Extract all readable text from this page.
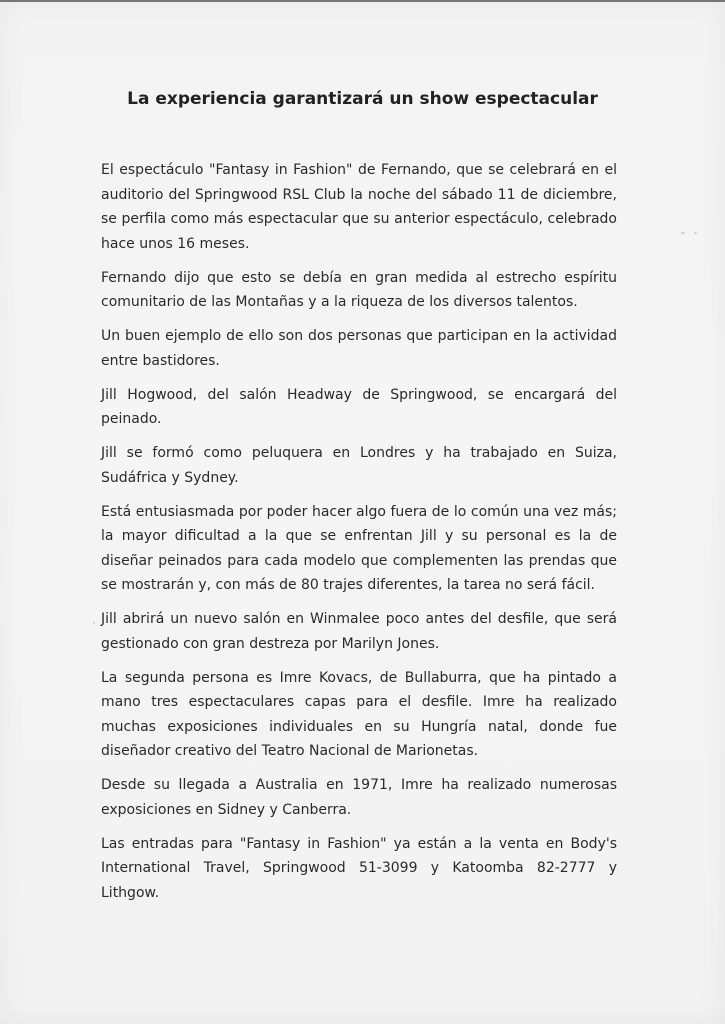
La experiencia garantizará un show espectacular

El espectáculo "Fantasy in Fashion" de Fernando, que se celebrará en el auditorio del Springwood RSL Club la noche del sábado 11 de diciembre, se perfila como más espectacular que su anterior espectáculo, celebrado hace unos 16 meses.

Fernando dijo que esto se debía en gran medida al estrecho espíritu comunitario de las Montañas y a la riqueza de los diversos talentos.

Un buen ejemplo de ello son dos personas que participan en la actividad entre bastidores.

Jill Hogwood, del salón Headway de Springwood, se encargará del peinado.

Jill se formó como peluquera en Londres y ha trabajado en Suiza, Sudáfrica y Sydney.

Está entusiasmada por poder hacer algo fuera de lo común una vez más; la mayor dificultad a la que se enfrentan Jill y su personal es la de diseñar peinados para cada modelo que complementen las prendas que se mostrarán y, con más de 80 trajes diferentes, la tarea no será fácil.

Jill abrirá un nuevo salón en Winmalee poco antes del desfile, que será gestionado con gran destreza por Marilyn Jones.

La segunda persona es Imre Kovacs, de Bullaburra, que ha pintado a mano tres espectaculares capas para el desfile. Imre ha realizado muchas exposiciones individuales en su Hungría natal, donde fue diseñador creativo del Teatro Nacional de Marionetas.

Desde su llegada a Australia en 1971, Imre ha realizado numerosas exposiciones en Sidney y Canberra.

Las entradas para "Fantasy in Fashion" ya están a la venta en Body's International Travel, Springwood 51-3099 y Katoomba 82-2777 y Lithgow.
